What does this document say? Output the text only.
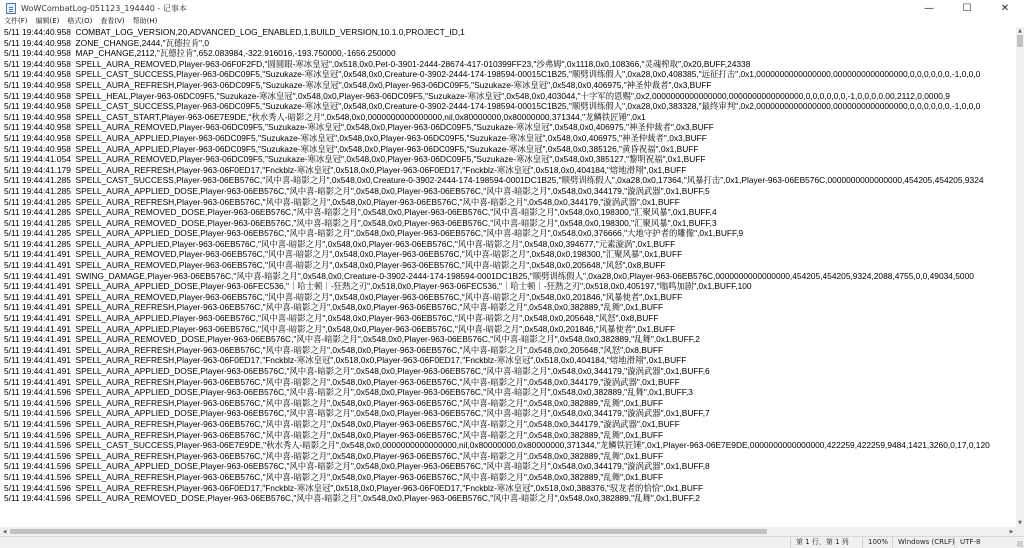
WoWCombatLog-051123_194440 - 记事本	—	☐	✕
文件(F)	编辑(E)	格式(O)	查看(V)	帮助(H)
5/11 19:44:40.958  COMBAT_LOG_VERSION,20,ADVANCED_LOG_ENABLED,1,BUILD_VERSION,10.1.0,PROJECT_ID,1
5/11 19:44:40.958  ZONE_CHANGE,2444,"瓦德拉肯",0
5/11 19:44:40.958  MAP_CHANGE,2112,"瓦德拉肯",652.083984,-322.916016,-193.750000,-1656.250000
5/11 19:44:40.958  SPELL_AURA_REMOVED,Player-963-06F0F2FD,"圆圆眼-寒冰皇冠",0x518,0x0,Pet-0-3901-2444-28674-417-010399FF23,"沙弗姆",0x1118,0x0,108366,"灵魂榨取",0x20,BUFF,24338
5/11 19:44:40.958  SPELL_CAST_SUCCESS,Player-963-06DC09F5,"Suzukaze-寒冰皇冠",0x548,0x0,Creature-0-3902-2444-174-198594-00015C1B25,"顺劈训练假人",0xa28,0x0,408385,"远征打击",0x1,0000000000000000,0000000000000000,0,0,0,0,0,0,-1,0,0,0
5/11 19:44:40.958  SPELL_AURA_REFRESH,Player-963-06DC09F5,"Suzukaze-寒冰皇冠",0x548,0x0,Player-963-06DC09F5,"Suzukaze-寒冰皇冠",0x548,0x0,406975,"神圣仲裁者",0x3,BUFF
5/11 19:44:40.958  SPELL_HEAL,Player-963-06DC09F5,"Suzukaze-寒冰皇冠",0x548,0x0,Player-963-06DC09F5,"Suzukaze-寒冰皇冠",0x548,0x0,403044,"十字军的恩赐",0x2,0000000000000000,0000000000000000,0,0,0,0,0,0,-1,0,0,0,0.00,2112,0,0000,9
5/11 19:44:40.958  SPELL_CAST_SUCCESS,Player-963-06DC09F5,"Suzukaze-寒冰皇冠",0x548,0x0,Creature-0-3902-2444-174-198594-00015C1B25,"顺劈训练假人",0xa28,0x0,383328,"最终审判",0x2,0000000000000000,0000000000000000,0,0,0,0,0,0,-1,0,0,0
5/11 19:44:40.958  SPELL_CAST_START,Player-963-06E7E9DE,"秋水秀人-暗影之月",0x548,0x0,0000000000000000,nil,0x80000000,0x80000000,371344,"龙鳞铁匠锤",0x1
5/11 19:44:40.958  SPELL_AURA_REMOVED,Player-963-06DC09F5,"Suzukaze-寒冰皇冠",0x548,0x0,Player-963-06DC09F5,"Suzukaze-寒冰皇冠",0x548,0x0,406975,"神圣仲裁者",0x3,BUFF
5/11 19:44:40.958  SPELL_AURA_APPLIED,Player-963-06DC09F5,"Suzukaze-寒冰皇冠",0x548,0x0,Player-963-06DC09F5,"Suzukaze-寒冰皇冠",0x548,0x0,406975,"神圣仲裁者",0x3,BUFF
5/11 19:44:40.958  SPELL_AURA_APPLIED,Player-963-06DC09F5,"Suzukaze-寒冰皇冠",0x548,0x0,Player-963-06DC09F5,"Suzukaze-寒冰皇冠",0x548,0x0,385126,"黄昏祝福",0x1,BUFF
5/11 19:44:41.054  SPELL_AURA_REMOVED,Player-963-06DC09F5,"Suzukaze-寒冰皇冠",0x548,0x0,Player-963-06DC09F5,"Suzukaze-寒冰皇冠",0x548,0x0,385127,"黎明祝福",0x1,BUFF
5/11 19:44:41.179  SPELL_AURA_REFRESH,Player-963-06F0ED17,"Fnckblz-寒冰皇冠",0x518,0x0,Player-963-06F0ED17,"Fnckblz-寒冰皇冠",0x518,0x0,404184,"熔地滑翔",0x1,BUFF
5/11 19:44:41.285  SPELL_CAST_SUCCESS,Player-963-06EB576C,"风中喜-暗影之月",0x548,0x0,Creature-0-3902-2444-174-198594-0001DC1B25,"顺劈训练假人",0xa28,0x0,17364,"风暴打击",0x1,Player-963-06EB576C,0000000000000000,454205,454205,9324
5/11 19:44:41.285  SPELL_AURA_APPLIED_DOSE,Player-963-06EB576C,"风中喜-暗影之月",0x548,0x0,Player-963-06EB576C,"风中喜-暗影之月",0x548,0x0,344179,"漩涡武器",0x1,BUFF,5
5/11 19:44:41.285  SPELL_AURA_REFRESH,Player-963-06EB576C,"风中喜-暗影之月",0x548,0x0,Player-963-06EB576C,"风中喜-暗影之月",0x548,0x0,344179,"漩涡武器",0x1,BUFF
5/11 19:44:41.285  SPELL_AURA_REMOVED_DOSE,Player-963-06EB576C,"风中喜-暗影之月",0x548,0x0,Player-963-06EB576C,"风中喜-暗影之月",0x548,0x0,198300,"汇聚风暴",0x1,BUFF,4
5/11 19:44:41.285  SPELL_AURA_REMOVED_DOSE,Player-963-06EB576C,"风中喜-暗影之月",0x548,0x0,Player-963-06EB576C,"风中喜-暗影之月",0x548,0x0,198300,"汇聚风暴",0x1,BUFF,3
5/11 19:44:41.285  SPELL_AURA_APPLIED_DOSE,Player-963-06EB576C,"风中喜-暗影之月",0x548,0x0,Player-963-06EB576C,"风中喜-暗影之月",0x548,0x0,376666,"大地守护者的雕像",0x1,BUFF,9
5/11 19:44:41.285  SPELL_AURA_APPLIED,Player-963-06EB576C,"风中喜-暗影之月",0x548,0x0,Player-963-06EB576C,"风中喜-暗影之月",0x548,0x0,394677,"元素漩涡",0x1,BUFF
5/11 19:44:41.491  SPELL_AURA_REMOVED,Player-963-06EB576C,"风中喜-暗影之月",0x548,0x0,Player-963-06EB576C,"风中喜-暗影之月",0x548,0x0,198300,"汇聚风暴",0x1,BUFF
5/11 19:44:41.491  SPELL_AURA_REMOVED,Player-963-06EB576C,"风中喜-暗影之月",0x548,0x0,Player-963-06EB576C,"风中喜-暗影之月",0x548,0x0,205648,"风怒",0x8,BUFF
5/11 19:44:41.491  SWING_DAMAGE,Player-963-06EB576C,"风中喜-暗影之月",0x548,0x0,Creature-0-3902-2444-174-198594-0001DC1B25,"顺劈训练假人",0xa28,0x0,Player-963-06EB576C,0000000000000000,454205,454205,9324,2088,4755,0,0,49034,5000
5/11 19:44:41.491  SPELL_AURA_APPLIED_DOSE,Player-963-06FEC536,"｜哈士顿｜-狂熱之刃",0x518,0x0,Player-963-06FEC536,"｜哈士顿｜-狂熱之刃",0x518,0x0,405197,"嗡鸣加剧",0x1,BUFF,100
5/11 19:44:41.491  SPELL_AURA_REMOVED,Player-963-06EB576C,"风中喜-暗影之月",0x548,0x0,Player-963-06EB576C,"风中喜-暗影之月",0x548,0x0,201846,"风暴使者",0x1,BUFF
5/11 19:44:41.491  SPELL_AURA_REFRESH,Player-963-06EB576C,"风中喜-暗影之月",0x548,0x0,Player-963-06EB576C,"风中喜-暗影之月",0x548,0x0,382889,"乱舞",0x1,BUFF
5/11 19:44:41.491  SPELL_AURA_APPLIED,Player-963-06EB576C,"风中喜-暗影之月",0x548,0x0,Player-963-06EB576C,"风中喜-暗影之月",0x548,0x0,205648,"风怒",0x8,BUFF
5/11 19:44:41.491  SPELL_AURA_APPLIED,Player-963-06EB576C,"风中喜-暗影之月",0x548,0x0,Player-963-06EB576C,"风中喜-暗影之月",0x548,0x0,201846,"风暴使者",0x1,BUFF
5/11 19:44:41.491  SPELL_AURA_REMOVED_DOSE,Player-963-06EB576C,"风中喜-暗影之月",0x548,0x0,Player-963-06EB576C,"风中喜-暗影之月",0x548,0x0,382889,"乱舞",0x1,BUFF,2
5/11 19:44:41.491  SPELL_AURA_REFRESH,Player-963-06EB576C,"风中喜-暗影之月",0x548,0x0,Player-963-06EB576C,"风中喜-暗影之月",0x548,0x0,205648,"风怒",0x8,BUFF
5/11 19:44:41.491  SPELL_AURA_REFRESH,Player-963-06F0ED17,"Fnckblz-寒冰皇冠",0x518,0x0,Player-963-06F0ED17,"Fnckblz-寒冰皇冠",0x518,0x0,404184,"熔地滑翔",0x1,BUFF
5/11 19:44:41.491  SPELL_AURA_APPLIED_DOSE,Player-963-06EB576C,"风中喜-暗影之月",0x548,0x0,Player-963-06EB576C,"风中喜-暗影之月",0x548,0x0,344179,"漩涡武器",0x1,BUFF,6
5/11 19:44:41.491  SPELL_AURA_REFRESH,Player-963-06EB576C,"风中喜-暗影之月",0x548,0x0,Player-963-06EB576C,"风中喜-暗影之月",0x548,0x0,344179,"漩涡武器",0x1,BUFF
5/11 19:44:41.596  SPELL_AURA_APPLIED_DOSE,Player-963-06EB576C,"风中喜-暗影之月",0x548,0x0,Player-963-06EB576C,"风中喜-暗影之月",0x548,0x0,382889,"乱舞",0x1,BUFF,3
5/11 19:44:41.596  SPELL_AURA_REFRESH,Player-963-06EB576C,"风中喜-暗影之月",0x548,0x0,Player-963-06EB576C,"风中喜-暗影之月",0x548,0x0,382889,"乱舞",0x1,BUFF
5/11 19:44:41.596  SPELL_AURA_APPLIED_DOSE,Player-963-06EB576C,"风中喜-暗影之月",0x548,0x0,Player-963-06EB576C,"风中喜-暗影之月",0x548,0x0,344179,"漩涡武器",0x1,BUFF,7
5/11 19:44:41.596  SPELL_AURA_REFRESH,Player-963-06EB576C,"风中喜-暗影之月",0x548,0x0,Player-963-06EB576C,"风中喜-暗影之月",0x548,0x0,344179,"漩涡武器",0x1,BUFF
5/11 19:44:41.596  SPELL_AURA_REFRESH,Player-963-06EB576C,"风中喜-暗影之月",0x548,0x0,Player-963-06EB576C,"风中喜-暗影之月",0x548,0x0,382889,"乱舞",0x1,BUFF
5/11 19:44:41.596  SPELL_CAST_SUCCESS,Player-963-06E7E9DE,"秋水秀人-暗影之月",0x548,0x0,0000000000000000,nil,0x80000000,0x80000000,371344,"龙鳞铁匠锤",0x1,Player-963-06E7E9DE,0000000000000000,422259,422259,9484,1421,3260,0,17,0,120
5/11 19:44:41.596  SPELL_AURA_REFRESH,Player-963-06EB576C,"风中喜-暗影之月",0x548,0x0,Player-963-06EB576C,"风中喜-暗影之月",0x548,0x0,382889,"乱舞",0x1,BUFF
5/11 19:44:41.596  SPELL_AURA_APPLIED_DOSE,Player-963-06EB576C,"风中喜-暗影之月",0x548,0x0,Player-963-06EB576C,"风中喜-暗影之月",0x548,0x0,344179,"漩涡武器",0x1,BUFF,8
5/11 19:44:41.596  SPELL_AURA_REFRESH,Player-963-06EB576C,"风中喜-暗影之月",0x548,0x0,Player-963-06EB576C,"风中喜-暗影之月",0x548,0x0,382889,"乱舞",0x1,BUFF
5/11 19:44:41.596  SPELL_AURA_REFRESH,Player-963-06F0ED17,"Fnckblz-寒冰皇冠",0x518,0x0,Player-963-06F0ED17,"Fnckblz-寒冰皇冠",0x518,0x0,388376,"驭龙者的恰恰",0x1,BUFF
5/11 19:44:41.596  SPELL_AURA_REMOVED_DOSE,Player-963-06EB576C,"风中喜-暗影之月",0x548,0x0,Player-963-06EB576C,"风中喜-暗影之月",0x548,0x0,382889,"乱舞",0x1,BUFF,2
▲
▼
◀	▶
第 1 行，第 1 列	100%	Windows (CRLF) UTF-8
